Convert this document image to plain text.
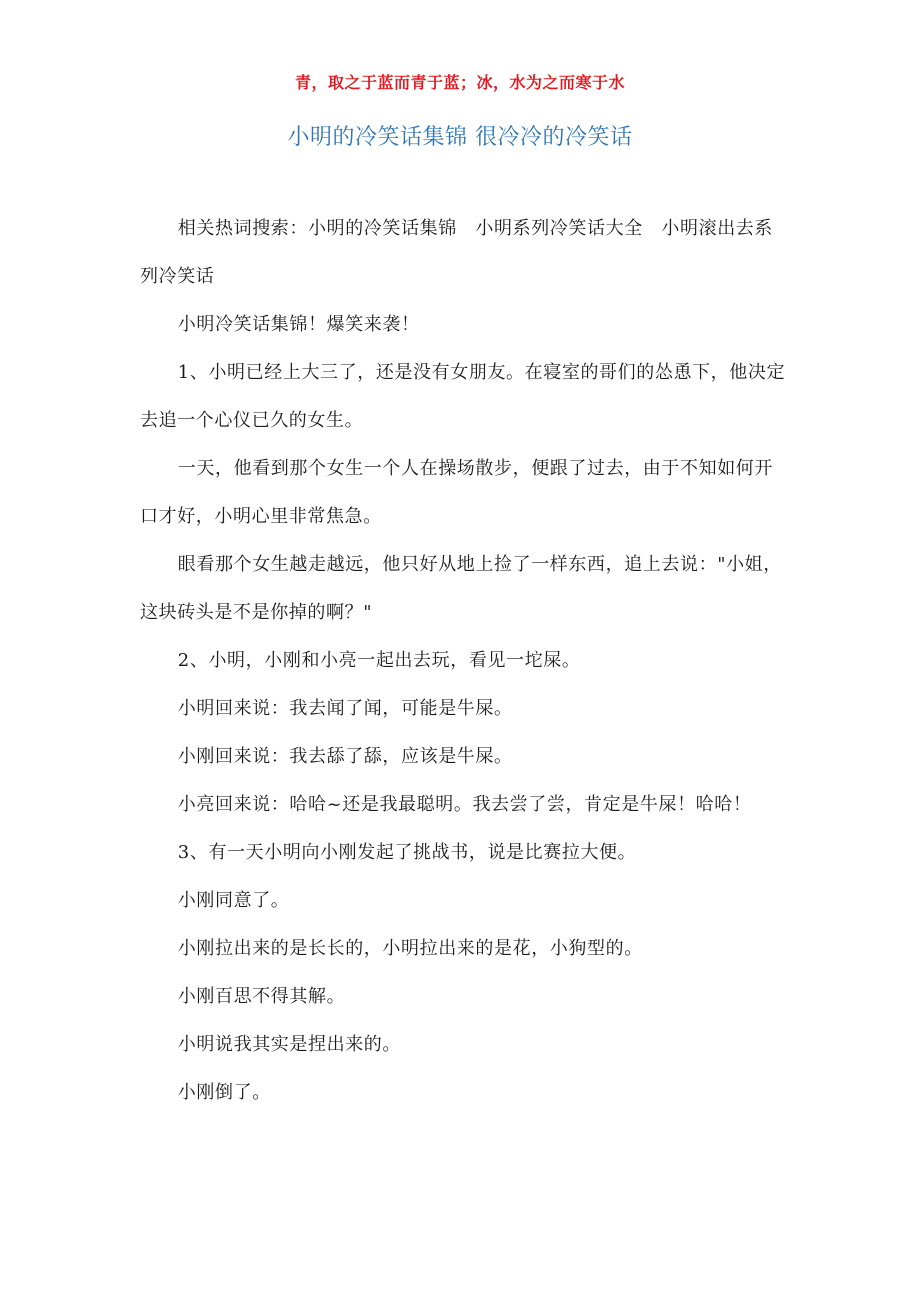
青，取之于蓝而青于蓝；冰，水为之而寒于水
小明的冷笑话集锦 很冷冷的冷笑话

相关热词搜索：小明的冷笑话集锦　小明系列冷笑话大全　小明滚出去系列冷笑话

小明冷笑话集锦！爆笑来袭！

1、小明已经上大三了，还是没有女朋友。在寝室的哥们的怂恿下，他决定去追一个心仪已久的女生。

一天，他看到那个女生一个人在操场散步，便跟了过去，由于不知如何开口才好，小明心里非常焦急。

眼看那个女生越走越远，他只好从地上捡了一样东西，追上去说："小姐，这块砖头是不是你掉的啊？"

2、小明，小刚和小亮一起出去玩，看见一坨屎。

小明回来说：我去闻了闻，可能是牛屎。

小刚回来说：我去舔了舔，应该是牛屎。

小亮回来说：哈哈~还是我最聪明。我去尝了尝，肯定是牛屎！哈哈！

3、有一天小明向小刚发起了挑战书，说是比赛拉大便。

小刚同意了。

小刚拉出来的是长长的，小明拉出来的是花，小狗型的。

小刚百思不得其解。

小明说我其实是捏出来的。

小刚倒了。
